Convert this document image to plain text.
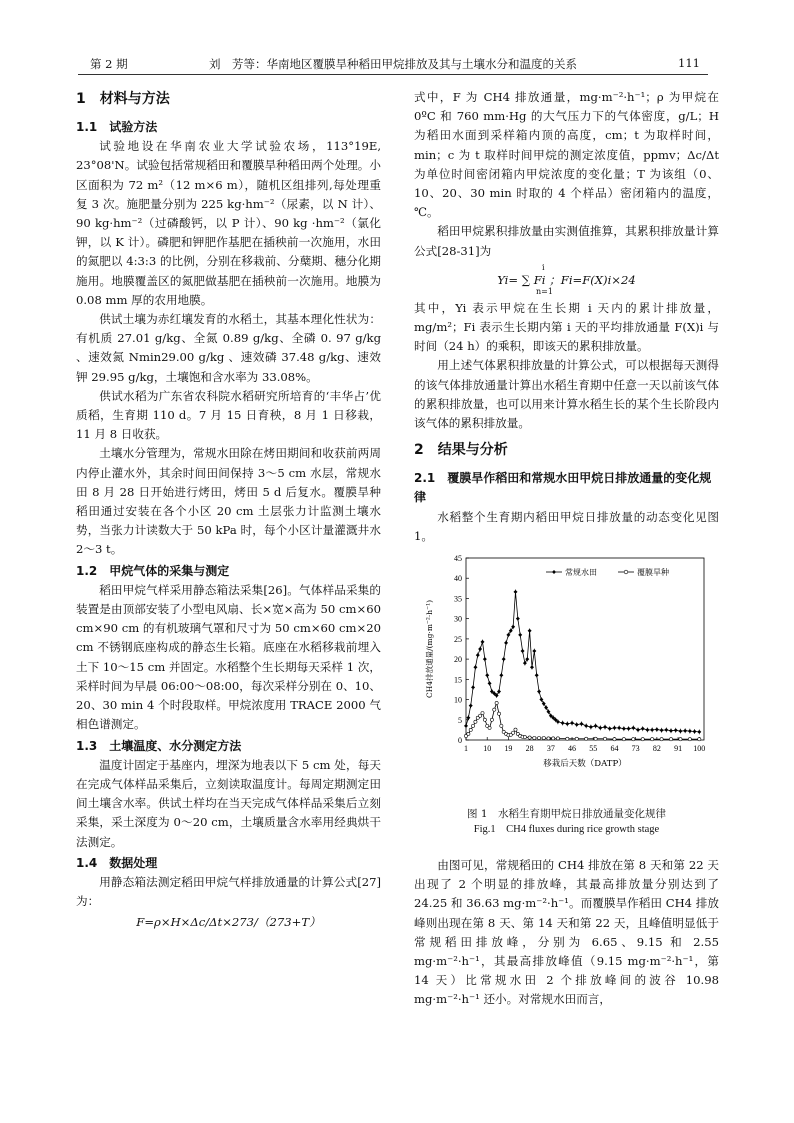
第 2 期	刘　芳等：华南地区覆膜旱种稻田甲烷排放及其与土壤水分和温度的关系	111
1　材料与方法
1.1　试验方法

试验地设在华南农业大学试验农场，113°19E, 23°08'N。试验包括常规稻田和覆膜旱种稻田两个处理。小区面积为 72 m²（12 m×6 m），随机区组排列,每处理重复 3 次。施肥量分别为 225 kg·hm⁻²（尿素，以 N 计）、90 kg·hm⁻²（过磷酸钙，以 P 计）、90 kg ·hm⁻²（氯化钾，以 K 计）。磷肥和钾肥作基肥在插秧前一次施用，水田的氮肥以 4:3:3 的比例，分别在移栽前、分蘖期、穗分化期施用。地膜覆盖区的氮肥做基肥在插秧前一次施用。地膜为 0.08 mm 厚的农用地膜。

供试土壤为赤红壤发育的水稻土，其基本理化性状为：有机质 27.01 g/kg、全氮 0.89 g/kg、全磷 0. 97 g/kg 、速效氮 Nmin29.00 g/kg 、速效磷 37.48 g/kg、速效钾 29.95 g/kg，土壤饱和含水率为 33.08%。

供试水稻为广东省农科院水稻研究所培育的‘丰华占’优质稻，生育期 110 d。7 月 15 日育秧，8 月 1 日移栽，11 月 8 日收获。

土壤水分管理为，常规水田除在烤田期间和收获前两周内停止灌水外，其余时间田间保持 3～5 cm 水层，常规水田 8 月 28 日开始进行烤田，烤田 5 d 后复水。覆膜旱种稻田通过安装在各个小区 20 cm 土层张力计监测土壤水势，当张力计读数大于 50 kPa 时，每个小区计量灌溉井水 2～3 t。

1.2　甲烷气体的采集与测定

稻田甲烷气样采用静态箱法采集[26]。气体样品采集的装置是由顶部安装了小型电风扇、长×宽×高为 50 cm×60 cm×90 cm 的有机玻璃气罩和尺寸为 50 cm×60 cm×20 cm 不锈钢底座构成的静态生长箱。底座在水稻移栽前埋入土下 10～15 cm 并固定。水稻整个生长期每天采样 1 次，采样时间为早晨 06:00～08:00，每次采样分别在 0、10、20、30 min 4 个时段取样。甲烷浓度用 TRACE 2000 气相色谱测定。

1.3　土壤温度、水分测定方法

温度计固定于基座内，埋深为地表以下 5 cm 处，每天在完成气体样品采集后，立刻读取温度计。每周定期测定田间土壤含水率。供试土样均在当天完成气体样品采集后立刻采集，采土深度为 0～20 cm，土壤质量含水率用经典烘干法测定。

1.4　数据处理

用静态箱法测定稻田甲烷气样排放通量的计算公式[27]为：

F=ρ×H×Δc/Δt×273/（273+T）

式中，F 为 CH4 排放通量，mg·m⁻²·h⁻¹；ρ 为甲烷在 0ºC 和 760 mm·Hg 的大气压力下的气体密度，g/L；H 为稻田水面到采样箱内顶的高度，cm；t 为取样时间，min；c 为 t 取样时间甲烷的测定浓度值，ppmv；Δc/Δt 为单位时间密闭箱内甲烷浓度的变化量；T 为该组（0、10、20、30 min 时取的 4 个样品）密闭箱内的温度，℃。

稻田甲烷累积排放量由实测值推算，其累积排放量计算公式[28-31]为

Yi= ∑ Fi ；Fi=F(X)i×24
i
n=1

其中，Yi 表示甲烷在生长期 i 天内的累计排放量，mg/m²；Fi 表示生长期内第 i 天的平均排放通量 F(X)i 与时间（24 h）的乘积，即该天的累积排放量。

用上述气体累积排放量的计算公式，可以根据每天测得的该气体排放通量计算出水稻生育期中任意一天以前该气体的累积排放量，也可以用来计算水稻生长的某个生长阶段内该气体的累积排放量。

2　结果与分析
2.1　覆膜旱作稻田和常规水田甲烷日排放通量的变化规律

水稻整个生育期内稻田甲烷日排放量的动态变化见图 1。

0
5
10
15
20
25
30
35
40
45
1 10 19 28 37 46 55 64 73 82 91 100
移栽后天数（DATP）
CH4排放通量/(mg·m⁻²·h⁻¹)
常规水田	覆膜旱种
图 1　水稻生育期甲烷日排放通量变化规律
Fig.1　CH4 fluxes during rice growth stage

由图可见，常规稻田的 CH4 排放在第 8 天和第 22 天出现了 2 个明显的排放峰，其最高排放量分别达到了 24.25 和 36.63 mg·m⁻²·h⁻¹。而覆膜旱作稻田 CH4 排放峰则出现在第 8 天、第 14 天和第 22 天，且峰值明显低于常规稻田排放峰，分别为 6.65、9.15 和 2.55 mg·m⁻²·h⁻¹，其最高排放峰值（9.15 mg·m⁻²·h⁻¹，第 14 天）比常规水田 2 个排放峰间的波谷 10.98 mg·m⁻²·h⁻¹ 还小。对常规水田而言，
